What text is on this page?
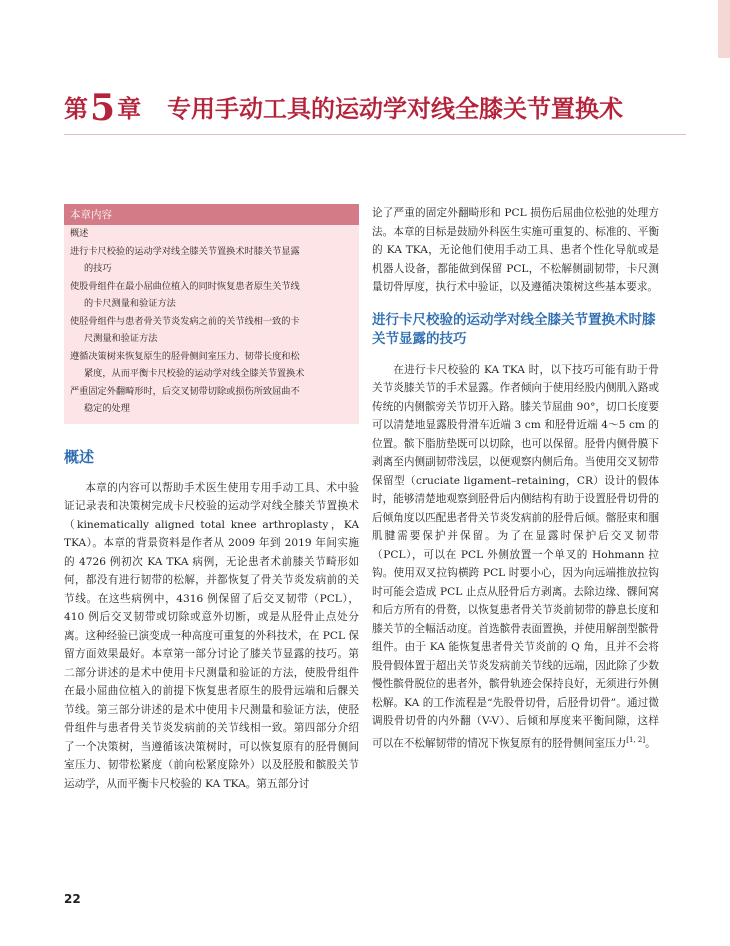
第5章 专用手动工具的运动学对线全膝关节置换术
本章内容
概述
进行卡尺校验的运动学对线全膝关节置换术时膝关节显露
的技巧
使股骨组件在最小屈曲位植入的同时恢复患者原生关节线
的卡尺测量和验证方法
使胫骨组件与患者骨关节炎发病之前的关节线相一致的卡
尺测量和验证方法
遵循决策树来恢复原生的胫骨侧间室压力、韧带长度和松
紧度，从而平衡卡尺校验的运动学对线全膝关节置换术
严重固定外翻畸形时，后交叉韧带切除或损伤所致屈曲不
稳定的处理
概述

本章的内容可以帮助手术医生使用专用手动工具、术中验证记录表和决策树完成卡尺校验的运动学对线全膝关节置换术（kinematically aligned total knee arthroplasty，KA TKA）。本章的背景资料是作者从 2009 年到 2019 年间实施的 4726 例初次 KA TKA 病例，无论患者术前膝关节畸形如何，都没有进行韧带的松解，并都恢复了骨关节炎发病前的关节线。在这些病例中，4316 例保留了后交叉韧带（PCL），410 例后交叉韧带或切除或意外切断，或是从胫骨止点处分离。这种经验已演变成一种高度可重复的外科技术，在 PCL 保留方面效果最好。本章第一部分讨论了膝关节显露的技巧。第二部分讲述的是术中使用卡尺测量和验证的方法，使股骨组件在最小屈曲位植入的前提下恢复患者原生的股骨远端和后髁关节线。第三部分讲述的是术中使用卡尺测量和验证方法，使胫骨组件与患者骨关节炎发病前的关节线相一致。第四部分介绍了一个决策树，当遵循该决策树时，可以恢复原有的胫骨侧间室压力、韧带松紧度（前向松紧度除外）以及胫股和髌股关节运动学，从而平衡卡尺校验的 KA TKA。第五部分讨

论了严重的固定外翻畸形和 PCL 损伤后屈曲位松弛的处理方法。本章的目标是鼓励外科医生实施可重复的、标准的、平衡的 KA TKA，无论他们使用手动工具、患者个性化导航或是机器人设备，都能做到保留 PCL，不松解侧副韧带，卡尺测量切骨厚度，执行术中验证，以及遵循决策树这些基本要求。

进行卡尺校验的运动学对线全膝关节置换术时膝关节显露的技巧

在进行卡尺校验的 KA TKA 时，以下技巧可能有助于骨关节炎膝关节的手术显露。作者倾向于使用经股内侧肌入路或传统的内侧髌旁关节切开入路。膝关节屈曲 90°，切口长度要可以清楚地显露股骨滑车近端 3 cm 和胫骨近端 4～5 cm 的位置。髌下脂肪垫既可以切除，也可以保留。胫骨内侧骨膜下剥离至内侧副韧带浅层，以便观察内侧后角。当使用交叉韧带保留型（cruciate ligament–retaining，CR）设计的假体时，能够清楚地观察到胫骨后内侧结构有助于设置胫骨切骨的后倾角度以匹配患者骨关节炎发病前的胫骨后倾。髂胫束和腘肌腱需要保护并保留。为了在显露时保护后交叉韧带（PCL），可以在 PCL 外侧放置一个单叉的 Hohmann 拉钩。使用双叉拉钩横跨 PCL 时要小心，因为向远端推放拉钩时可能会造成 PCL 止点从胫骨后方剥离。去除边缘、髁间窝和后方所有的骨赘，以恢复患者骨关节炎前韧带的静息长度和膝关节的全幅活动度。首选髌骨表面置换，并使用解剖型髌骨组件。由于 KA 能恢复患者骨关节炎前的 Q 角，且并不会将股骨假体置于超出关节炎发病前关节线的远端，因此除了少数慢性髌骨脱位的患者外，髌骨轨迹会保持良好，无须进行外侧松解。KA 的工作流程是“先股骨切骨，后胫骨切骨”。通过微调股骨切骨的内外翻（V-V）、后倾和厚度来平衡间隙，这样可以在不松解韧带的情况下恢复原有的胫骨侧间室压力[1, 2]。

22
